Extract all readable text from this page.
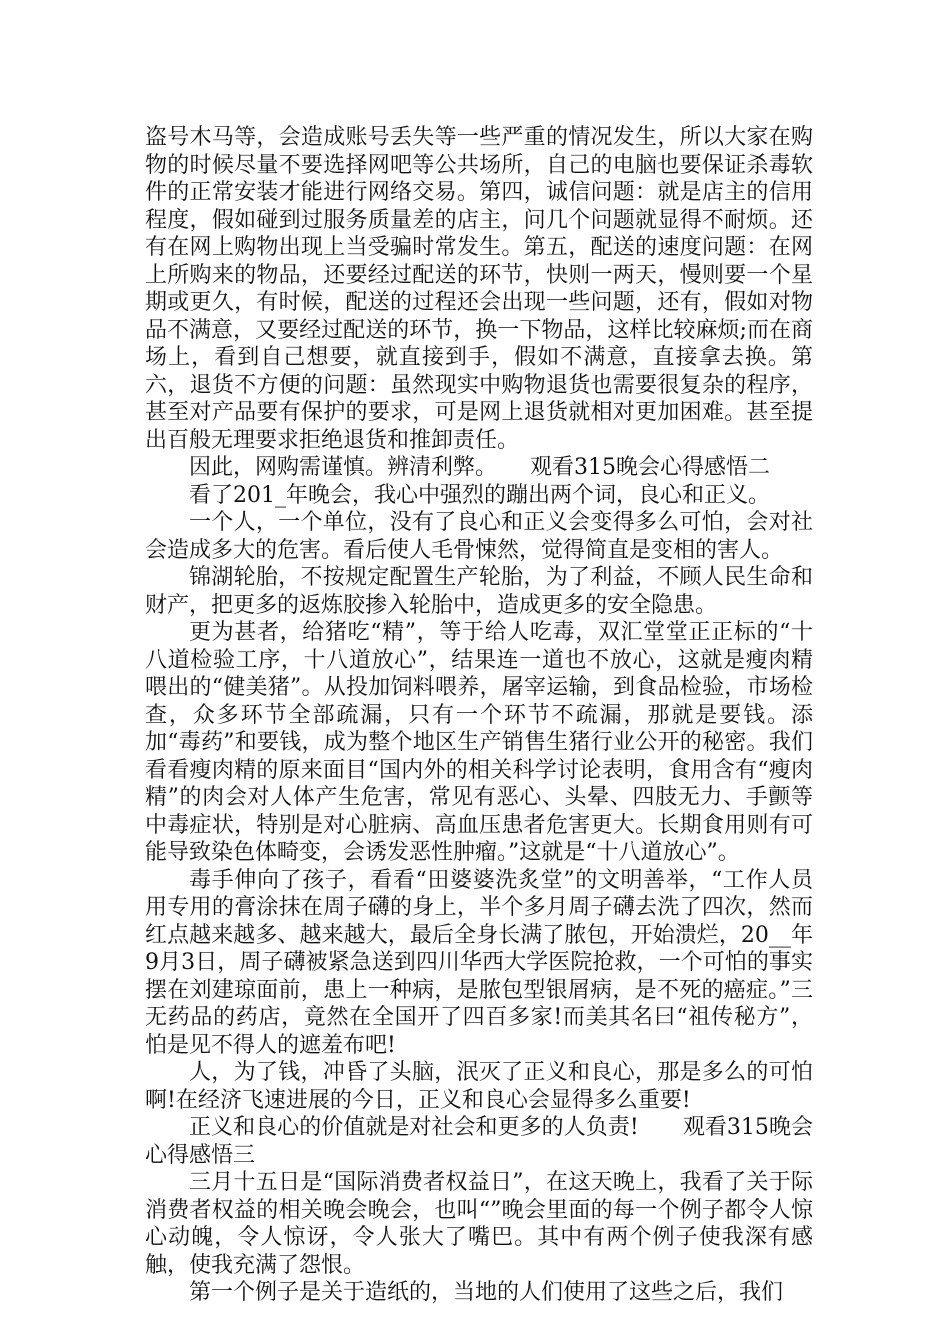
盗号木马等，会造成账号丢失等一些严重的情况发生，所以大家在购物的时候尽量不要选择网吧等公共场所，自己的电脑也要保证杀毒软件的正常安装才能进行网络交易。第四，诚信问题：就是店主的信用程度，假如碰到过服务质量差的店主，问几个问题就显得不耐烦。还有在网上购物出现上当受骗时常发生。第五，配送的速度问题：在网上所购来的物品，还要经过配送的环节，快则一两天，慢则要一个星期或更久，有时候，配送的过程还会出现一些问题，还有，假如对物品不满意，又要经过配送的环节，换一下物品，这样比较麻烦;而在商场上，看到自己想要，就直接到手，假如不满意，直接拿去换。第六，退货不方便的问题：虽然现实中购物退货也需要很复杂的程序，甚至对产品要有保护的要求，可是网上退货就相对更加困难。甚至提出百般无理要求拒绝退货和推卸责任。

因此，网购需谨慎。辨清利弊。　　观看315晚会心得感悟二

看了201_年晚会，我心中强烈的蹦出两个词，良心和正义。

一个人，一个单位，没有了良心和正义会变得多么可怕，会对社会造成多大的危害。看后使人毛骨悚然，觉得简直是变相的害人。

锦湖轮胎，不按规定配置生产轮胎，为了利益，不顾人民生命和财产，把更多的返炼胶掺入轮胎中，造成更多的安全隐患。

更为甚者，给猪吃“精”，等于给人吃毒，双汇堂堂正正标的“十八道检验工序，十八道放心”，结果连一道也不放心，这就是瘦肉精喂出的“健美猪”。从投加饲料喂养，屠宰运输，到食品检验，市场检查，众多环节全部疏漏，只有一个环节不疏漏，那就是要钱。添加“毒药”和要钱，成为整个地区生产销售生猪行业公开的秘密。我们看看瘦肉精的原来面目“国内外的相关科学讨论表明，食用含有“瘦肉精”的肉会对人体产生危害，常见有恶心、头晕、四肢无力、手颤等中毒症状，特别是对心脏病、高血压患者危害更大。长期食用则有可能导致染色体畸变，会诱发恶性肿瘤。”这就是“十八道放心”。

毒手伸向了孩子，看看“田婆婆洗炙堂”的文明善举，“工作人员用专用的膏涂抹在周子礴的身上，半个多月周子礴去洗了四次，然而红点越来越多、越来越大，最后全身长满了脓包，开始溃烂，20__年9月3日，周子礴被紧急送到四川华西大学医院抢救，一个可怕的事实摆在刘建琼面前，患上一种病，是脓包型银屑病，是不死的癌症。”三无药品的药店，竟然在全国开了四百多家!而美其名曰“祖传秘方”，怕是见不得人的遮羞布吧!

人，为了钱，冲昏了头脑，泯灭了正义和良心，那是多么的可怕啊!在经济飞速进展的今日，正义和良心会显得多么重要!

正义和良心的价值就是对社会和更多的人负责!　　观看315晚会心得感悟三

三月十五日是“国际消费者权益日”，在这天晚上，我看了关于际消费者权益的相关晚会晚会，也叫“”晚会里面的每一个例子都令人惊心动魄，令人惊讶，令人张大了嘴巴。其中有两个例子使我深有感触，使我充满了怨恨。

第一个例子是关于造纸的，当地的人们使用了这些之后，我们
